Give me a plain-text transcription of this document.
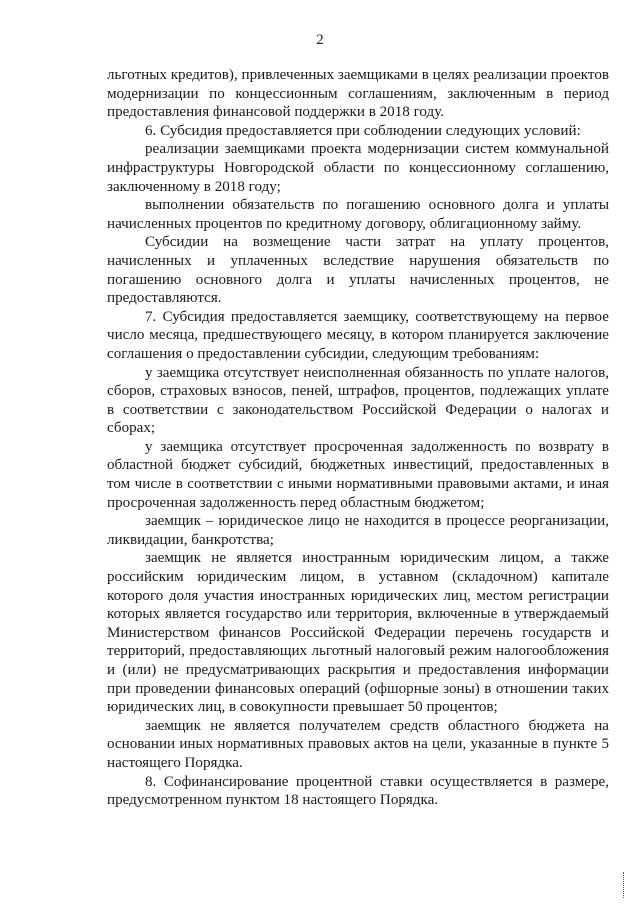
2

льготных кредитов), привлеченных заемщиками в целях реализации проектов модернизации по концессионным соглашениям, заключенным в период предоставления финансовой поддержки в 2018 году.

6. Субсидия предоставляется при соблюдении следующих условий:

реализации заемщиками проекта модернизации систем коммунальной инфраструктуры Новгородской области по концессионному соглашению, заключенному в 2018 году;

выполнении обязательств по погашению основного долга и уплаты начисленных процентов по кредитному договору, облигационному займу.

Субсидии на возмещение части затрат на уплату процентов, начисленных и уплаченных вследствие нарушения обязательств по погашению основного долга и уплаты начисленных процентов, не предоставляются.

7. Субсидия предоставляется заемщику, соответствующему на первое число месяца, предшествующего месяцу, в котором планируется заключение соглашения о предоставлении субсидии, следующим требованиям:

у заемщика отсутствует неисполненная обязанность по уплате налогов, сборов, страховых взносов, пеней, штрафов, процентов, подлежащих уплате в соответствии с законодательством Российской Федерации о налогах и сборах;

у заемщика отсутствует просроченная задолженность по возврату в областной бюджет субсидий, бюджетных инвестиций, предоставленных в том числе в соответствии с иными нормативными правовыми актами, и иная просроченная задолженность перед областным бюджетом;

заемщик – юридическое лицо не находится в процессе реорганизации, ликвидации, банкротства;

заемщик не является иностранным юридическим лицом, а также российским юридическим лицом, в уставном (складочном) капитале которого доля участия иностранных юридических лиц, местом регистрации которых является государство или территория, включенные в утверждаемый Министерством финансов Российской Федерации перечень государств и территорий, предоставляющих льготный налоговый режим налогообложения и (или) не предусматривающих раскрытия и предоставления информации при проведении финансовых операций (офшорные зоны) в отношении таких юридических лиц, в совокупности превышает 50 процентов;

заемщик не является получателем средств областного бюджета на основании иных нормативных правовых актов на цели, указанные в пункте 5 настоящего Порядка.

8. Софинансирование процентной ставки осуществляется в размере, предусмотренном пунктом 18 настоящего Порядка.
